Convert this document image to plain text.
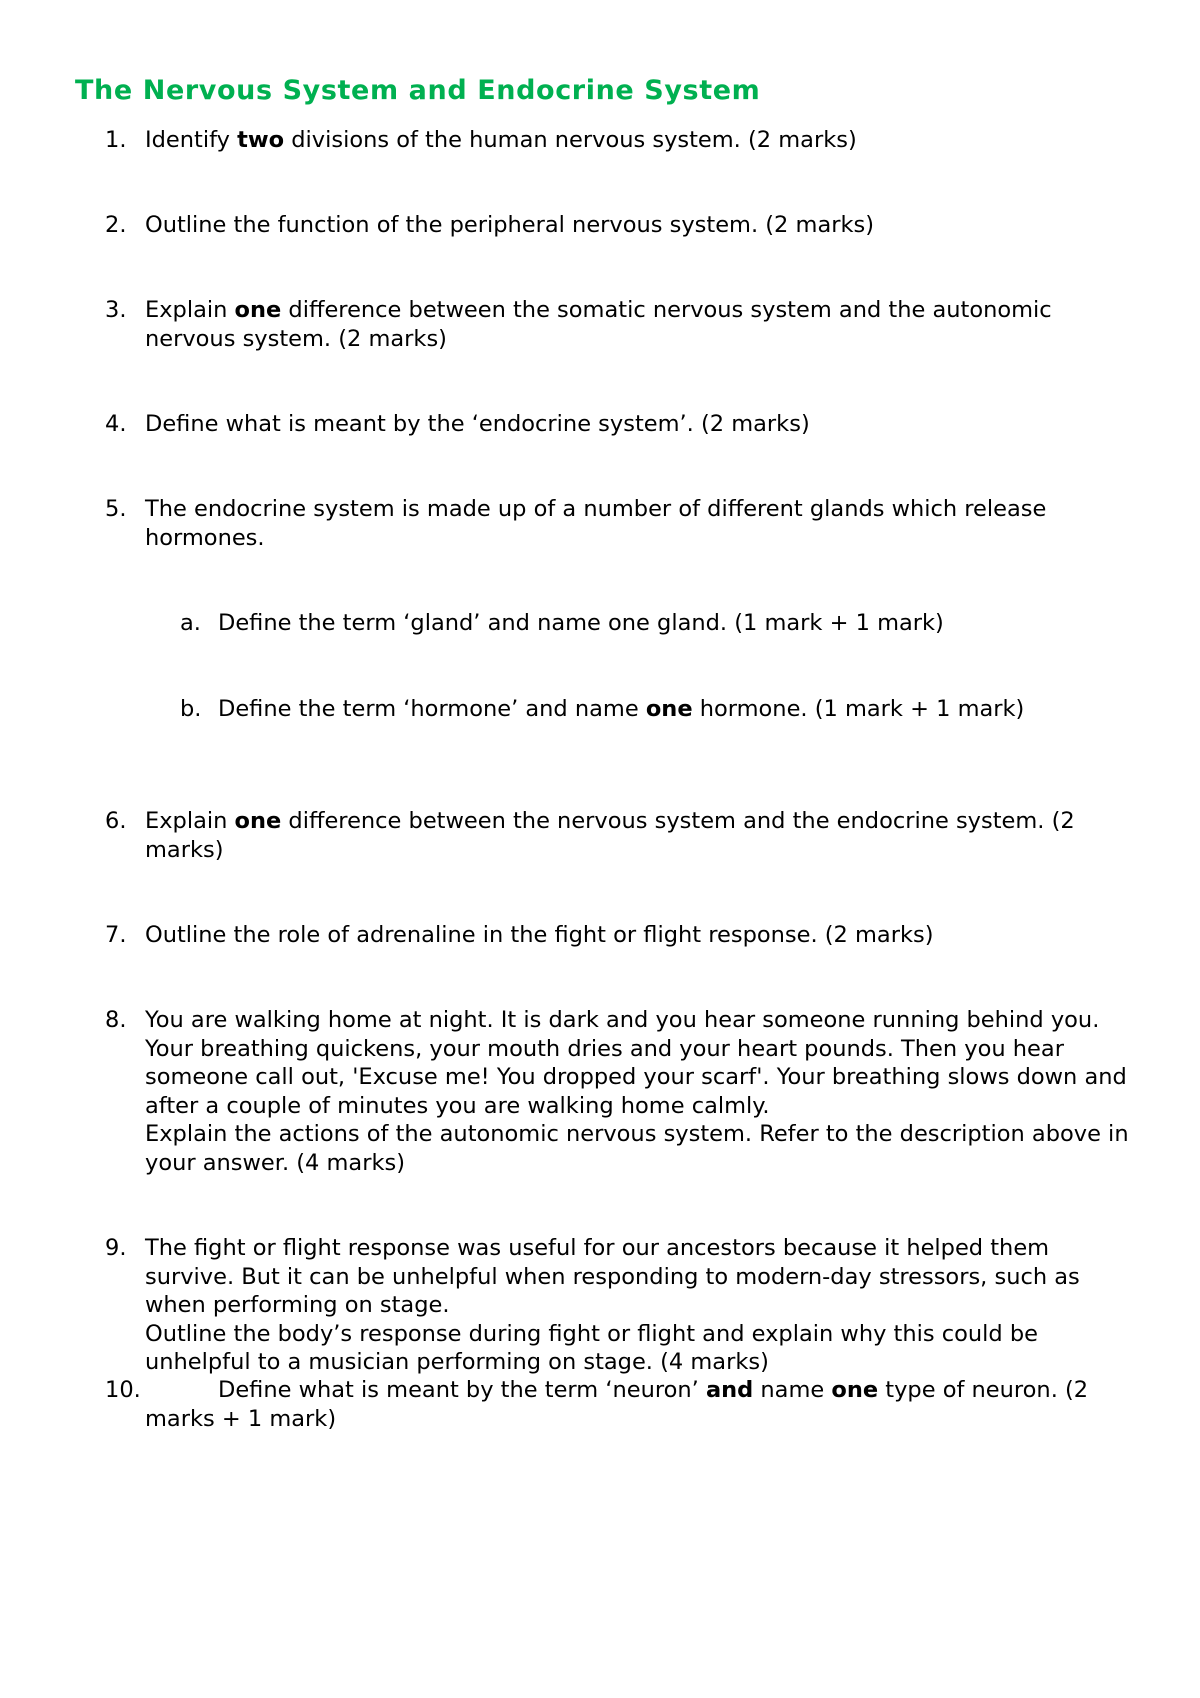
The Nervous System and Endocrine System
1. Identify two divisions of the human nervous system. (2 marks)
2. Outline the function of the peripheral nervous system. (2 marks)
3. Explain one difference between the somatic nervous system and the autonomic nervous system. (2 marks)
4. Define what is meant by the ‘endocrine system’. (2 marks)
5. The endocrine system is made up of a number of different glands which release hormones.
a. Define the term ‘gland’ and name one gland. (1 mark + 1 mark)
b. Define the term ‘hormone’ and name one hormone. (1 mark + 1 mark)
6. Explain one difference between the nervous system and the endocrine system. (2 marks)
7. Outline the role of adrenaline in the fight or flight response. (2 marks)
8. You are walking home at night. It is dark and you hear someone running behind you. Your breathing quickens, your mouth dries and your heart pounds. Then you hear someone call out, 'Excuse me! You dropped your scarf'. Your breathing slows down and after a couple of minutes you are walking home calmly.
Explain the actions of the autonomic nervous system. Refer to the description above in your answer. (4 marks)
9. The fight or flight response was useful for our ancestors because it helped them survive. But it can be unhelpful when responding to modern-day stressors, such as when performing on stage.
Outline the body’s response during fight or flight and explain why this could be unhelpful to a musician performing on stage. (4 marks)
10.	Define what is meant by the term ‘neuron’ and name one type of neuron. (2 marks + 1 mark)
